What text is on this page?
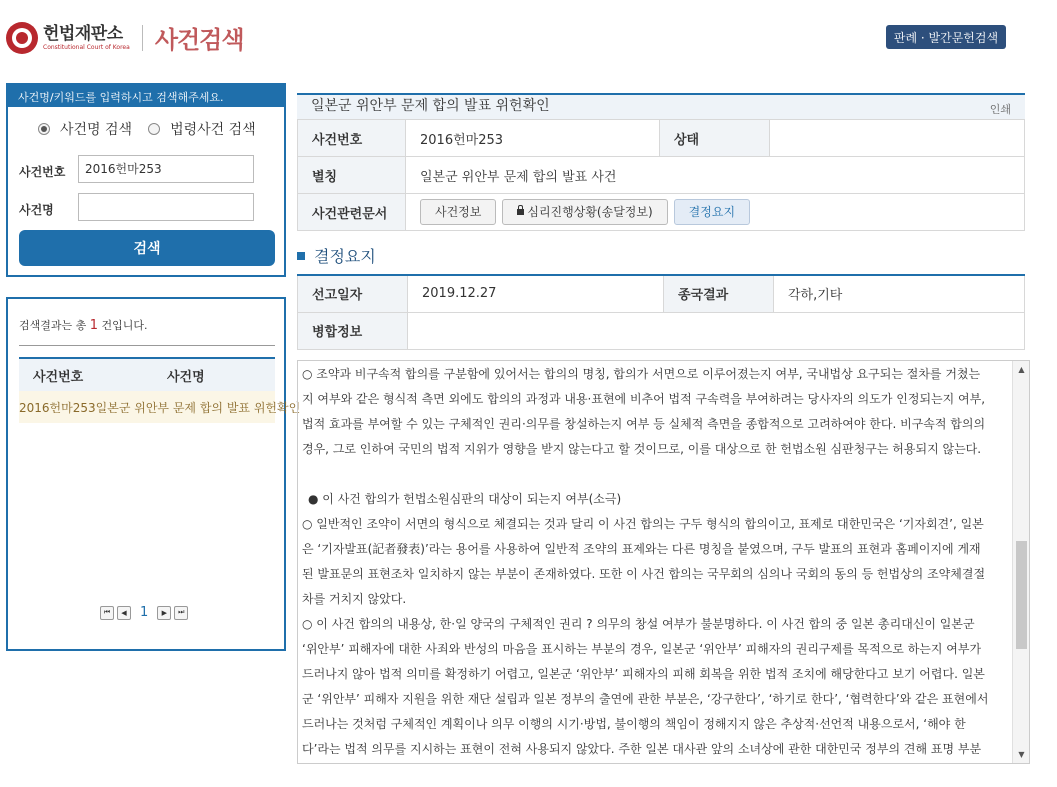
헌법재판소
Constitutional Court of Korea 사건검색	판례 · 발간문헌검색
사건명/키워드를 입력하시고 검색해주세요.
사건명 검색	법령사건 검색
사건번호	2016헌마253
사건명
검색
검색결과는 총 1 건입니다.
사건번호	사건명
2016헌마253 일본군 위안부 문제 합의 발표 위헌확인
⏮	◀	1	▶	⏭
일본군 위안부 문제 합의 발표 위헌확인	인쇄
사건번호	2016헌마253	상태	
별칭	일본군 위안부 문제 합의 발표 사건		
사건관련문서	사건정보 심리진행상황(송달정보) 결정요지		
결정요지
선고일자	2019.12.27	종국결과	각하,기타
병합정보			

○ 조약과 비구속적 합의를 구분함에 있어서는 합의의 명칭, 합의가 서면으로 이루어졌는지 여부, 국내법상 요구되는 절차를 거쳤는

지 여부와 같은 형식적 측면 외에도 합의의 과정과 내용·표현에 비추어 법적 구속력을 부여하려는 당사자의 의도가 인정되는지 여부,

법적 효과를 부여할 수 있는 구체적인 권리·의무를 창설하는지 여부 등 실체적 측면을 종합적으로 고려하여야 한다. 비구속적 합의의

경우, 그로 인하여 국민의 법적 지위가 영향을 받지 않는다고 할 것이므로, 이를 대상으로 한 헌법소원 심판청구는 허용되지 않는다.

● 이 사건 합의가 헌법소원심판의 대상이 되는지 여부(소극)

○ 일반적인 조약이 서면의 형식으로 체결되는 것과 달리 이 사건 합의는 구두 형식의 합의이고, 표제로 대한민국은 ‘기자회견’, 일본

은 ‘기자발표(記者發表)’라는 용어를 사용하여 일반적 조약의 표제와는 다른 명칭을 붙였으며, 구두 발표의 표현과 홈페이지에 게재

된 발표문의 표현조차 일치하지 않는 부분이 존재하였다. 또한 이 사건 합의는 국무회의 심의나 국회의 동의 등 헌법상의 조약체결절

차를 거치지 않았다.

○ 이 사건 합의의 내용상, 한·일 양국의 구체적인 권리 ? 의무의 창설 여부가 불분명하다. 이 사건 합의 중 일본 총리대신이 일본군

‘위안부’ 피해자에 대한 사죄와 반성의 마음을 표시하는 부분의 경우, 일본군 ‘위안부’ 피해자의 권리구제를 목적으로 하는지 여부가

드러나지 않아 법적 의미를 확정하기 어렵고, 일본군 ‘위안부’ 피해자의 피해 회복을 위한 법적 조치에 해당한다고 보기 어렵다. 일본

군 ‘위안부’ 피해자 지원을 위한 재단 설립과 일본 정부의 출연에 관한 부분은, ‘강구한다’, ‘하기로 한다’, ‘협력한다’와 같은 표현에서

드러나는 것처럼 구체적인 계획이나 의무 이행의 시기·방법, 불이행의 책임이 정해지지 않은 추상적·선언적 내용으로서, ‘해야 한

다’라는 법적 의무를 지시하는 표현이 전혀 사용되지 않았다. 주한 일본 대사관 앞의 소녀상에 관한 대한민국 정부의 견해 표명 부분

▲
▼
